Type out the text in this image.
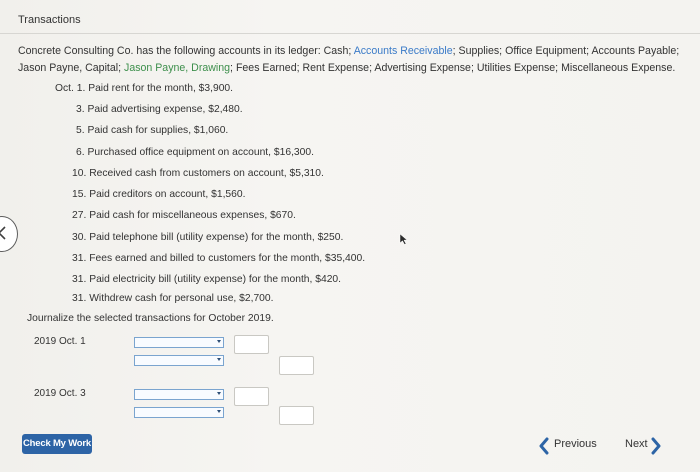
Transactions
Concrete Consulting Co. has the following accounts in its ledger: Cash; Accounts Receivable; Supplies; Office Equipment; Accounts Payable; Jason Payne, Capital; Jason Payne, Drawing; Fees Earned; Rent Expense; Advertising Expense; Utilities Expense; Miscellaneous Expense.
Oct. 1. Paid rent for the month, $3,900.
3. Paid advertising expense, $2,480.
5. Paid cash for supplies, $1,060.
6. Purchased office equipment on account, $16,300.
10. Received cash from customers on account, $5,310.
15. Paid creditors on account, $1,560.
27. Paid cash for miscellaneous expenses, $670.
30. Paid telephone bill (utility expense) for the month, $250.
31. Fees earned and billed to customers for the month, $35,400.
31. Paid electricity bill (utility expense) for the month, $420.
31. Withdrew cash for personal use, $2,700.
Journalize the selected transactions for October 2019.
2019 Oct. 1
2019 Oct. 3
Check My Work	Previous	Next
